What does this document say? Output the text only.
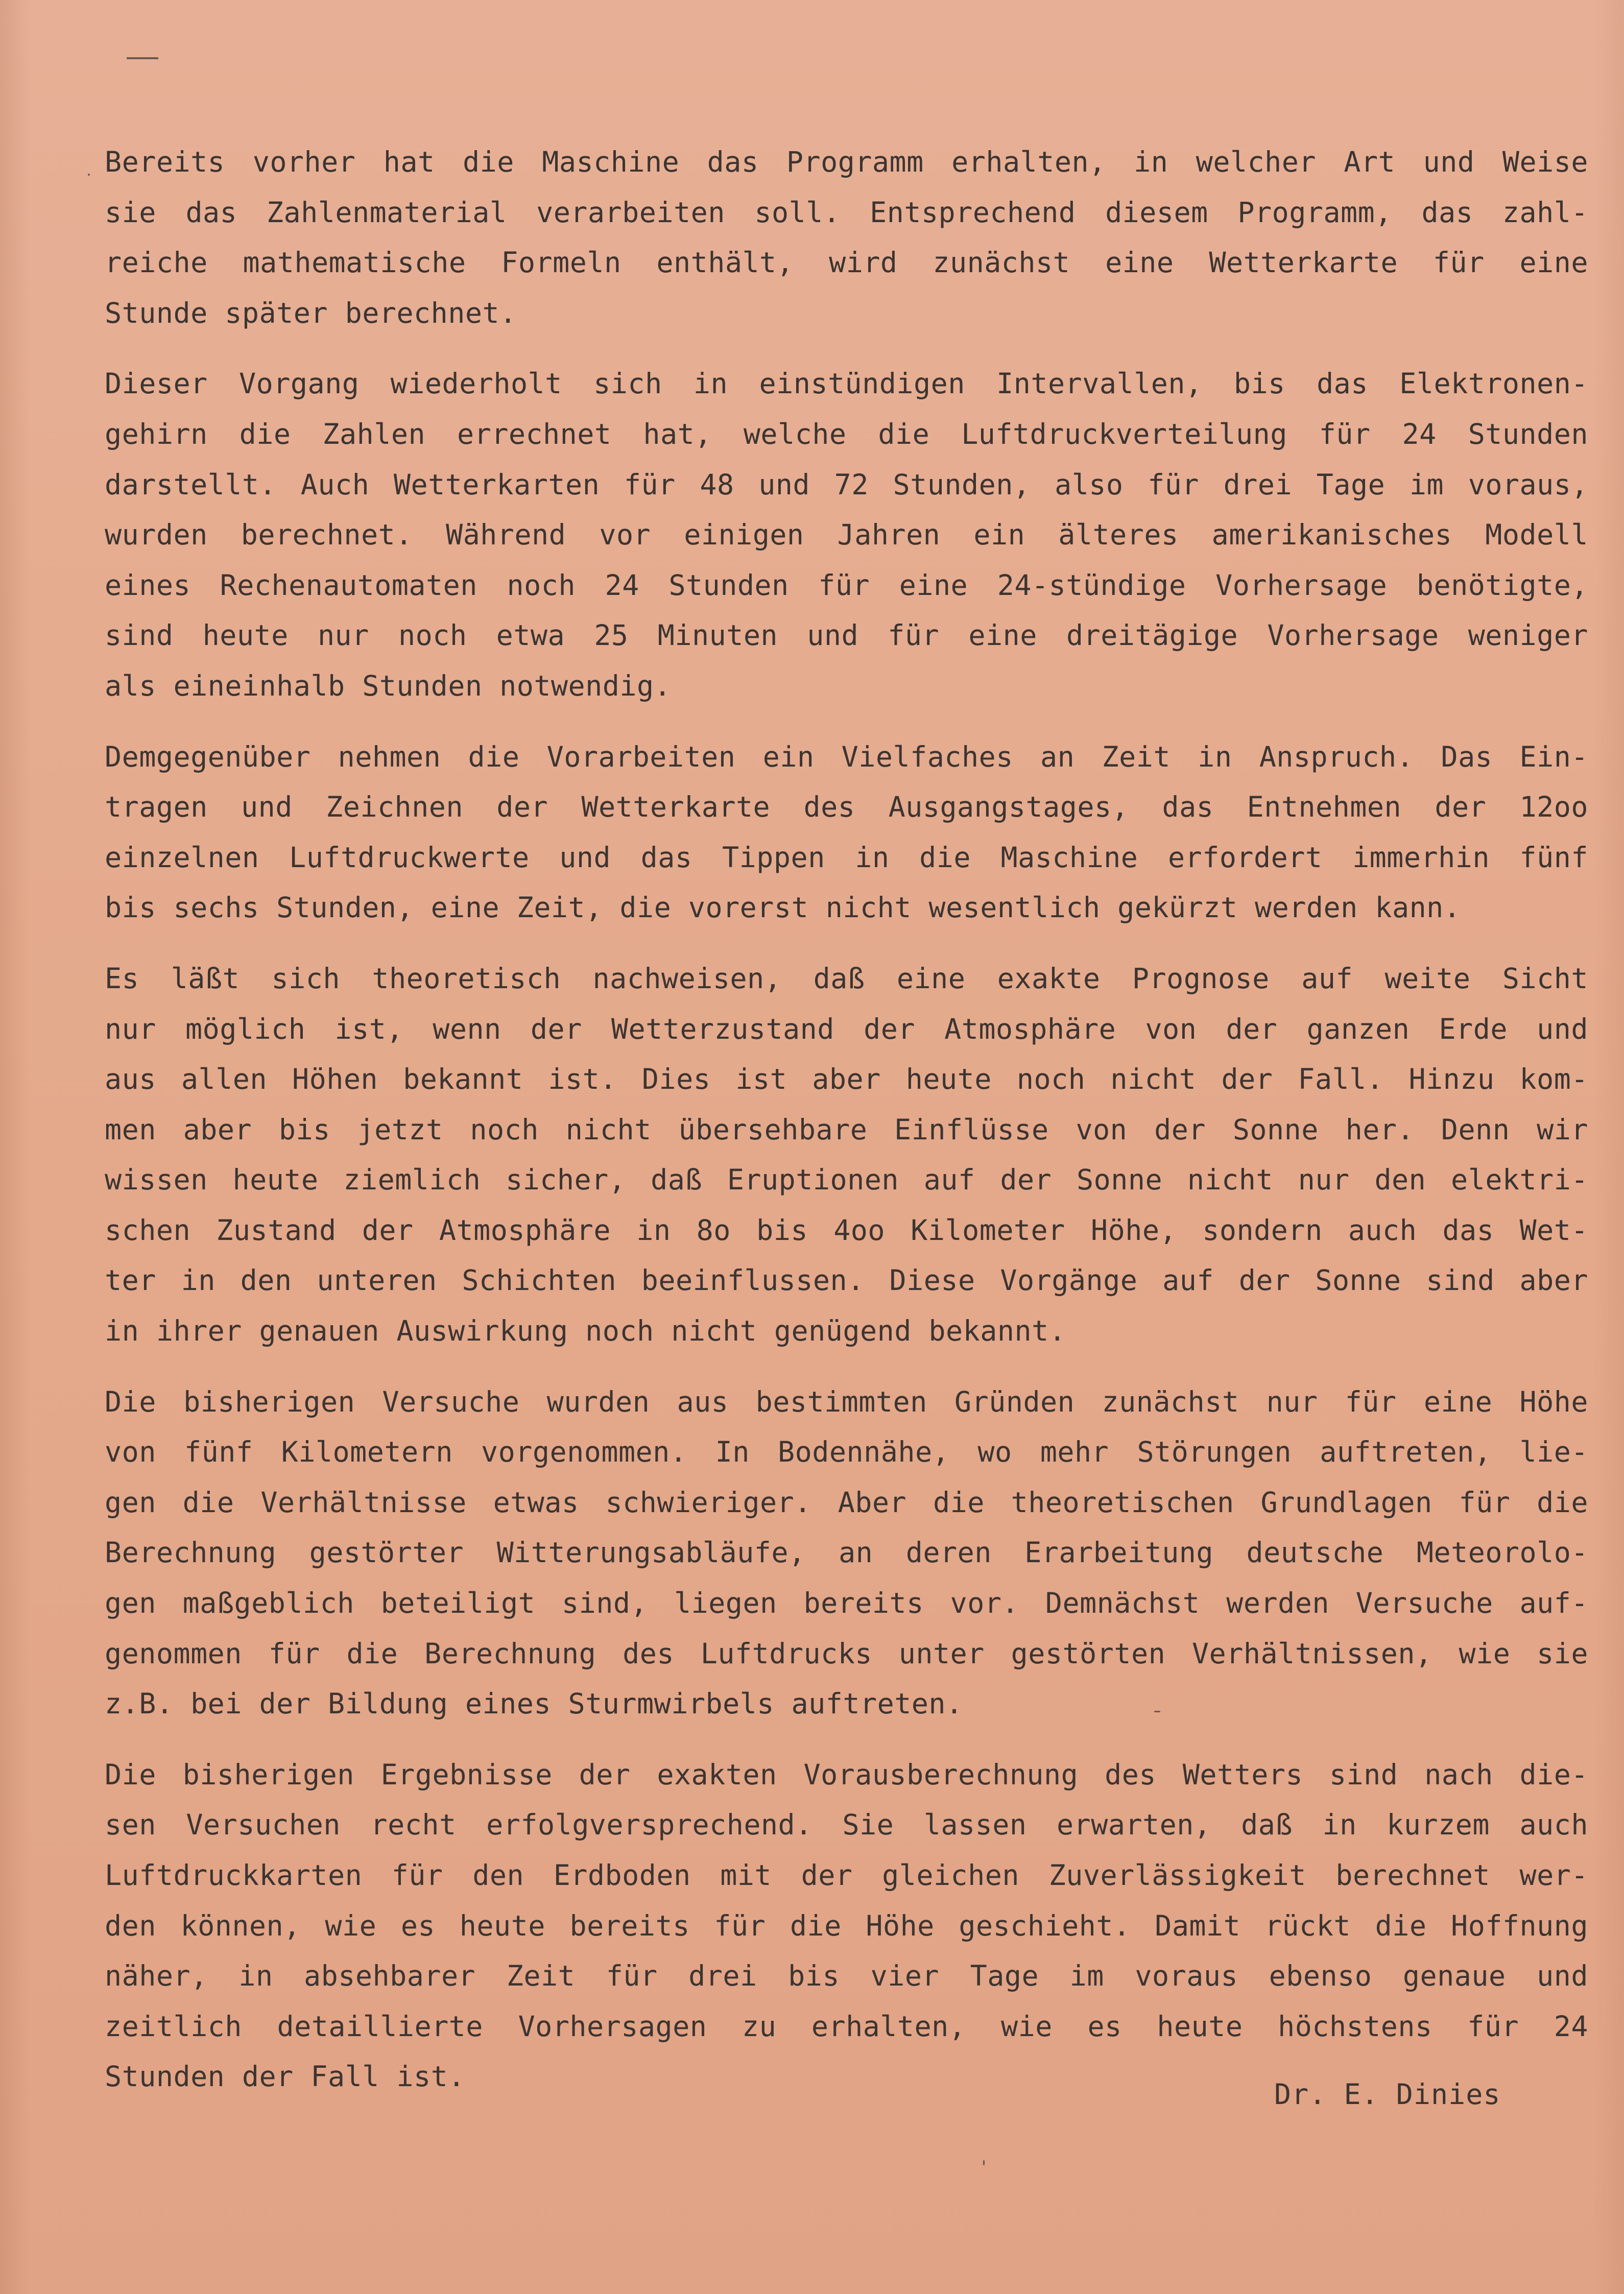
Bereits vorher hat die Maschine das Programm erhalten, in welcher Art und Weise
sie das Zahlenmaterial verarbeiten soll. Entsprechend diesem Programm, das zahl-
reiche mathematische Formeln enthält, wird zunächst eine Wetterkarte für eine
Stunde später berechnet.
Dieser Vorgang wiederholt sich in einstündigen Intervallen, bis das Elektronen-
gehirn die Zahlen errechnet hat, welche die Luftdruckverteilung für 24 Stunden
darstellt. Auch Wetterkarten für 48 und 72 Stunden, also für drei Tage im voraus,
wurden berechnet. Während vor einigen Jahren ein älteres amerikanisches Modell
eines Rechenautomaten noch 24 Stunden für eine 24-stündige Vorhersage benötigte,
sind heute nur noch etwa 25 Minuten und für eine dreitägige Vorhersage weniger
als eineinhalb Stunden notwendig.
Demgegenüber nehmen die Vorarbeiten ein Vielfaches an Zeit in Anspruch. Das Ein-
tragen und Zeichnen der Wetterkarte des Ausgangstages, das Entnehmen der 12oo
einzelnen Luftdruckwerte und das Tippen in die Maschine erfordert immerhin fünf
bis sechs Stunden, eine Zeit, die vorerst nicht wesentlich gekürzt werden kann.
Es läßt sich theoretisch nachweisen, daß eine exakte Prognose auf weite Sicht
nur möglich ist, wenn der Wetterzustand der Atmosphäre von der ganzen Erde und
aus allen Höhen bekannt ist. Dies ist aber heute noch nicht der Fall. Hinzu kom-
men aber bis jetzt noch nicht übersehbare Einflüsse von der Sonne her. Denn wir
wissen heute ziemlich sicher, daß Eruptionen auf der Sonne nicht nur den elektri-
schen Zustand der Atmosphäre in 8o bis 4oo Kilometer Höhe, sondern auch das Wet-
ter in den unteren Schichten beeinflussen. Diese Vorgänge auf der Sonne sind aber
in ihrer genauen Auswirkung noch nicht genügend bekannt.
Die bisherigen Versuche wurden aus bestimmten Gründen zunächst nur für eine Höhe
von fünf Kilometern vorgenommen. In Bodennähe, wo mehr Störungen auftreten, lie-
gen die Verhältnisse etwas schwieriger. Aber die theoretischen Grundlagen für die
Berechnung gestörter Witterungsabläufe, an deren Erarbeitung deutsche Meteorolo-
gen maßgeblich beteiligt sind, liegen bereits vor. Demnächst werden Versuche auf-
genommen für die Berechnung des Luftdrucks unter gestörten Verhältnissen, wie sie
z.B. bei der Bildung eines Sturmwirbels auftreten.
Die bisherigen Ergebnisse der exakten Vorausberechnung des Wetters sind nach die-
sen Versuchen recht erfolgversprechend. Sie lassen erwarten, daß in kurzem auch
Luftdruckkarten für den Erdboden mit der gleichen Zuverlässigkeit berechnet wer-
den können, wie es heute bereits für die Höhe geschieht. Damit rückt die Hoffnung
näher, in absehbarer Zeit für drei bis vier Tage im voraus ebenso genaue und
zeitlich detaillierte Vorhersagen zu erhalten, wie es heute höchstens für 24
Stunden der Fall ist.
Dr. E. Dinies
